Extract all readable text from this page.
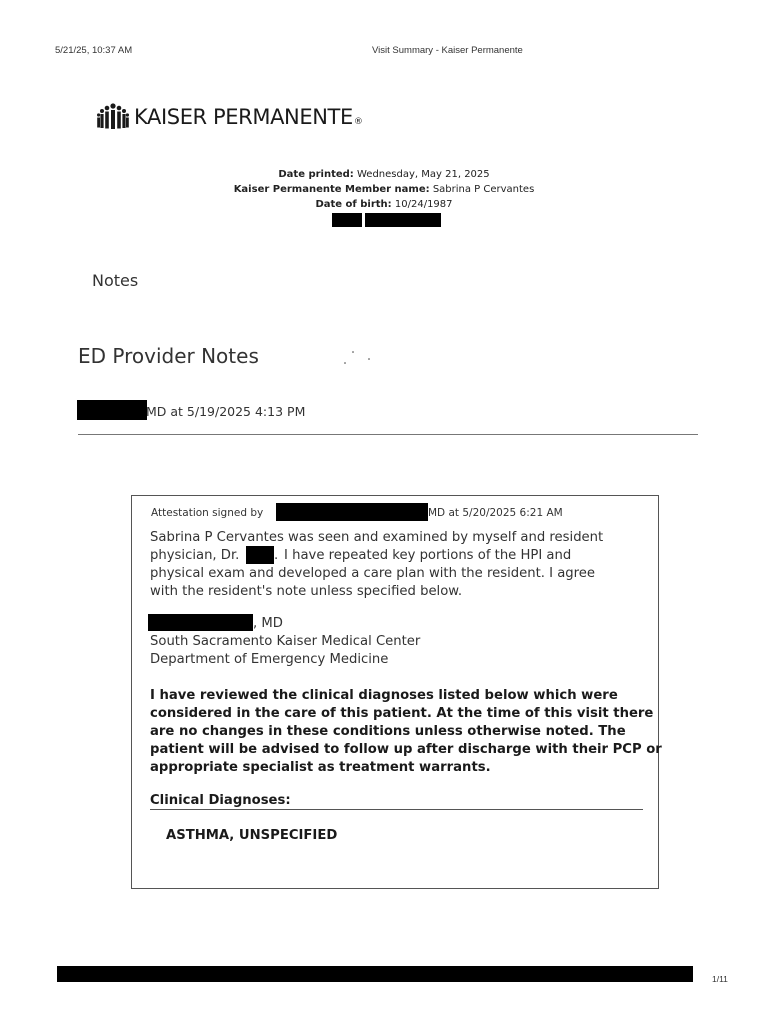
5/21/25, 10:37 AM	Visit Summary - Kaiser Permanente
KAISER PERMANENTE ®
Date printed: Wednesday, May 21, 2025
Kaiser Permanente Member name: Sabrina P Cervantes
Date of birth: 10/24/1987
Notes
ED Provider Notes
MD at 5/19/2025 4:13 PM
Attestation signed by	MD at 5/20/2025 6:21 AM
Sabrina P Cervantes was seen and examined by myself and resident
physician, Dr.	. I have repeated key portions of the HPI and
physical exam and developed a care plan with the resident. I agree
with the resident's note unless specified below.
, MD
South Sacramento Kaiser Medical Center
Department of Emergency Medicine
I have reviewed the clinical diagnoses listed below which were
considered in the care of this patient. At the time of this visit there
are no changes in these conditions unless otherwise noted. The
patient will be advised to follow up after discharge with their PCP or
appropriate specialist as treatment warrants.
Clinical Diagnoses:
ASTHMA, UNSPECIFIED
1/11
